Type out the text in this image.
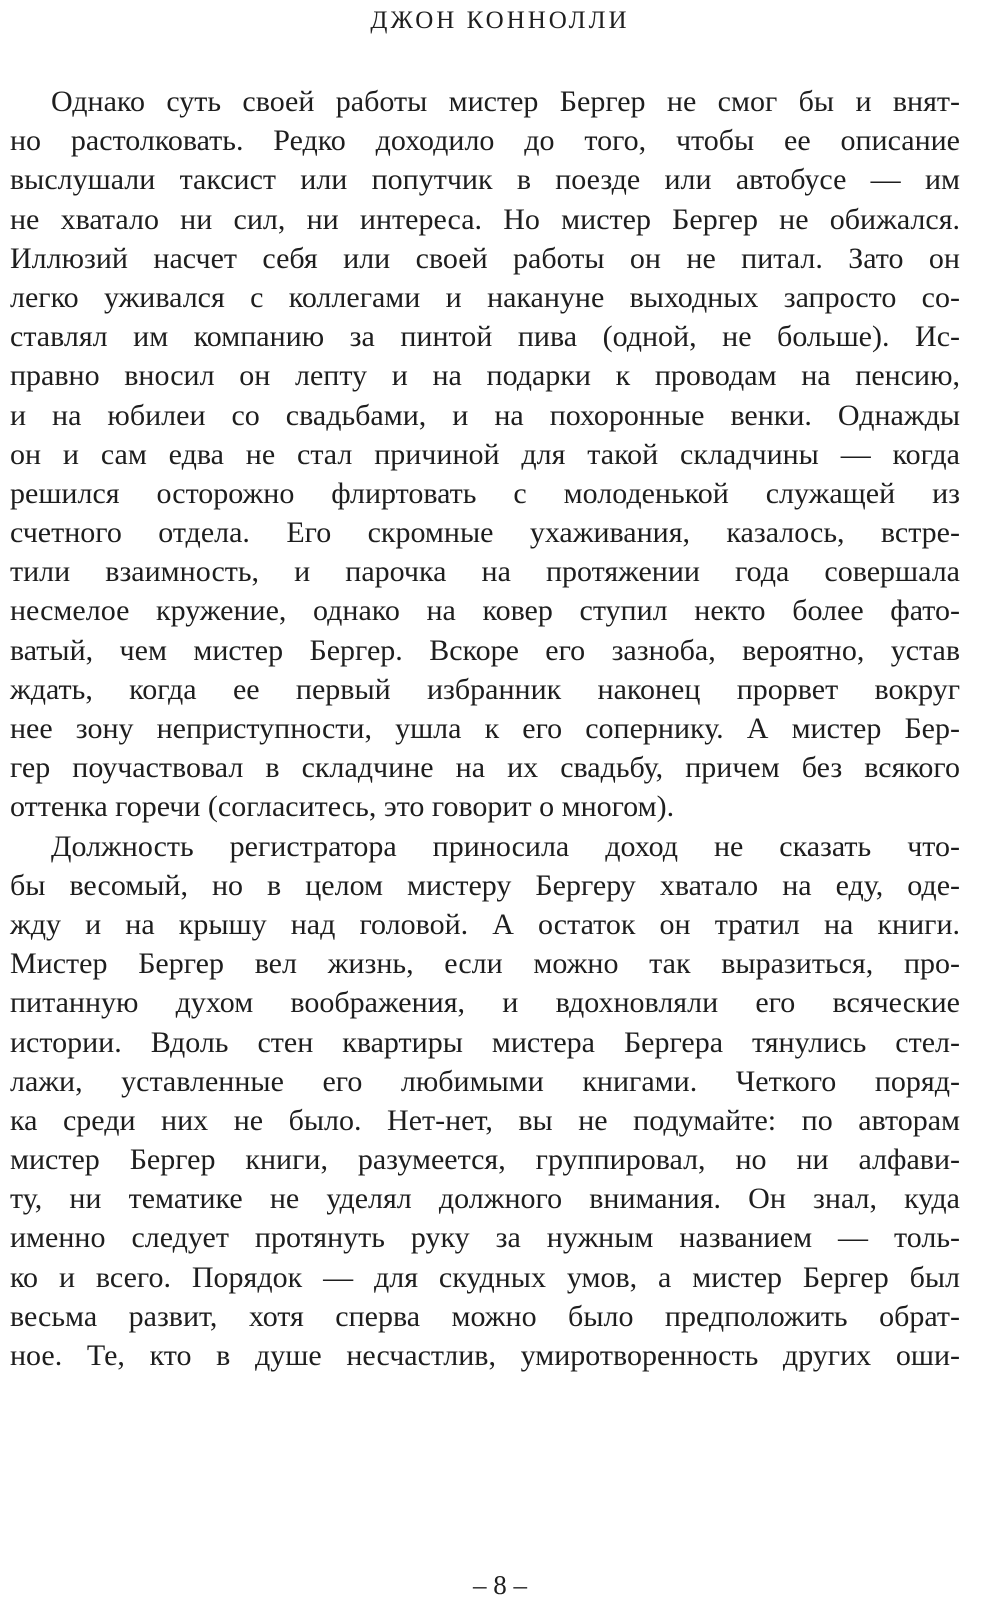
ДЖОН КОННОЛЛИ
Однако суть своей работы мистер Бергер не смог бы и внят-
но растолковать. Редко доходило до того, чтобы ее описание
выслушали таксист или попутчик в поезде или автобусе — им
не хватало ни сил, ни интереса. Но мистер Бергер не обижался.
Иллюзий насчет себя или своей работы он не питал. Зато он
легко уживался с коллегами и накануне выходных запросто со-
ставлял им компанию за пинтой пива (одной, не больше). Ис-
правно вносил он лепту и на подарки к проводам на пенсию,
и на юбилеи со свадьбами, и на похоронные венки. Однажды
он и сам едва не стал причиной для такой складчины — когда
решился осторожно флиртовать с молоденькой служащей из
счетного отдела. Его скромные ухаживания, казалось, встре-
тили взаимность, и парочка на протяжении года совершала
несмелое кружение, однако на ковер ступил некто более фато-
ватый, чем мистер Бергер. Вскоре его зазноба, вероятно, устав
ждать, когда ее первый избранник наконец прорвет вокруг
нее зону неприступности, ушла к его сопернику. А мистер Бер-
гер поучаствовал в складчине на их свадьбу, причем без всякого
оттенка горечи (согласитесь, это говорит о многом).
Должность регистратора приносила доход не сказать что-
бы весомый, но в целом мистеру Бергеру хватало на еду, оде-
жду и на крышу над головой. А остаток он тратил на книги.
Мистер Бергер вел жизнь, если можно так выразиться, про-
питанную духом воображения, и вдохновляли его всяческие
истории. Вдоль стен квартиры мистера Бергера тянулись стел-
лажи, уставленные его любимыми книгами. Четкого поряд-
ка среди них не было. Нет-нет, вы не подумайте: по авторам
мистер Бергер книги, разумеется, группировал, но ни алфави-
ту, ни тематике не уделял должного внимания. Он знал, куда
именно следует протянуть руку за нужным названием — толь-
ко и всего. Порядок — для скудных умов, а мистер Бергер был
весьма развит, хотя сперва можно было предположить обрат-
ное. Те, кто в душе несчастлив, умиротворенность других оши-
– 8 –
